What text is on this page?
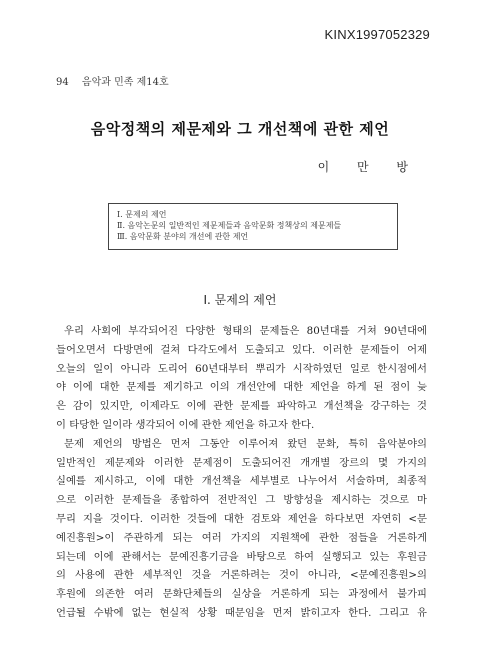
KINX1997052329
94 음악과 민족 제14호
음악정책의 제문제와 그 개선책에 관한 제언
이 만 방
Ⅰ. 문제의 제언
Ⅱ. 음악논문의 일반적인 제문제들과 음악문화 정책상의 제문제들
Ⅲ. 음악문화 분야의 개선에 관한 제언
Ⅰ. 문제의 제언
우리 사회에 부각되어진 다양한 형태의 문제들은 80년대를 거쳐 90년대에
들어오면서 다방면에 걸쳐 다각도에서 도출되고 있다. 이러한 문제들이 어제
오늘의 일이 아니라 도리어 60년대부터 뿌리가 시작하였던 일로 한시점에서
야 이에 대한 문제를 제기하고 이의 개선안에 대한 제언을 하게 된 점이 늦
은 감이 있지만, 이제라도 이에 관한 문제를 파악하고 개선책을 강구하는 것
이 타당한 일이라 생각되어 이에 관한 제언을 하고자 한다.
문제 제언의 방법은 먼저 그동안 이루어져 왔던 문화, 특히 음악분야의
일반적인 제문제와 이러한 문제점이 도출되어진 개개별 장르의 몇 가지의
실예를 제시하고, 이에 대한 개선책을 세부별로 나누어서 서술하며, 최종적
으로 이러한 문제들을 종합하여 전반적인 그 방향성을 제시하는 것으로 마
무리 지을 것이다. 이러한 것들에 대한 검토와 제언을 하다보면 자연히 <문
예진흥원>이 주관하게 되는 여러 가지의 지원책에 관한 점들을 거론하게
되는데 이에 관해서는 문예진흥기금을 바탕으로 하여 실행되고 있는 후원금
의 사용에 관한 세부적인 것을 거론하려는 것이 아니라, <문예진흥원>의
후원에 의존한 여러 문화단체들의 실상을 거론하게 되는 과정에서 불가피
언급될 수밖에 없는 현실적 상황 때문임을 먼저 밝히고자 한다. 그리고 유
